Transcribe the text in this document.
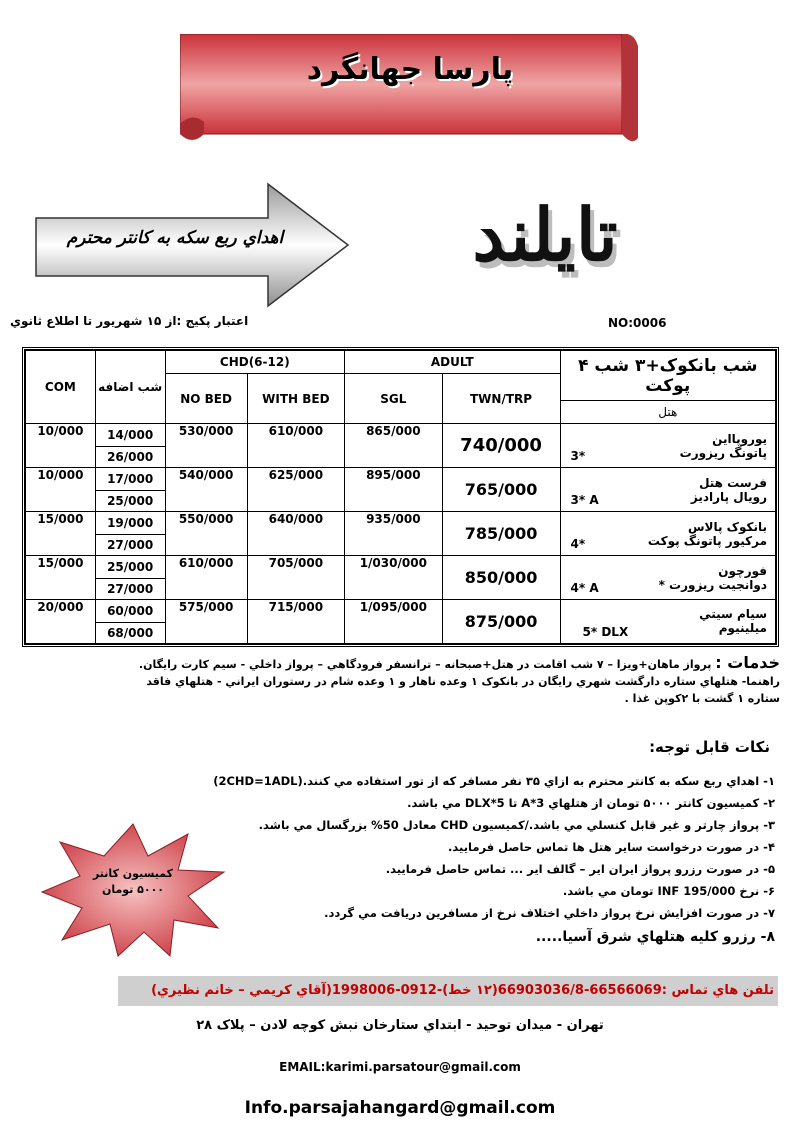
پارسا جهانگرد
اهداي ربع سکه به کانتر محترم	تايلند
اعتبار پکيج :از ۱۵ شهريور تا اطلاع ثانوي	NO:0006
COM	شب اضافه	CHD(6-12)		ADULT		۴ شب بانکوک+۳ شب پوکت
		NO BED	WITH BED	SGL	TWN/TRP	
						هتل
10/000	14/000	530/000	610/000	865/000	740/000	يوروپااين
پاتونگ ريزورت
3*

	26/000					
10/000	17/000	540/000	625/000	895/000	765/000	فرست هتل
رويال پاراديز
3* A

	25/000					
15/000	19/000	550/000	640/000	935/000	785/000	بانکوک پالاس
مرکيور پاتونگ پوکت
4*

	27/000					
15/000	25/000	610/000	705/000	1/030/000	850/000	فورچون
دوانجيت ريزورت *
4* A

	27/000					
20/000	60/000	575/000	715/000	1/095/000	875/000	سيام سيتي
ميلينيوم
5* DLX

	68/000					
خدمات : پرواز ماهان+ويزا – ۷ شب اقامت در هتل+صبحانه – ترانسفر فرودگاهي – پرواز داخلي - سيم کارت رايگان.
راهنما- هتلهاي ستاره دارگشت شهري رايگان در بانکوک ۱ وعده ناهار و ۱ وعده شام در رستوران ايراني - هتلهاي فاقد
ستاره ۱ گشت با ۲کوپن غذا .
نکات قابل توجه:
۱- اهداي ربع سکه به کانتر محترم به ازاي ۳۵ نفر مسافر که از تور استفاده مي کنند.(2CHD=1ADL)
۲- کميسيون کانتر ۵۰۰۰ تومان از هتلهاي 3*A تا 5*DLX مي باشد.
۳- پرواز چارتر و غير قابل کنسلي مي باشد./کميسيون CHD معادل 50% بزرگسال مي باشد.
۴- در صورت درخواست ساير هتل ها تماس حاصل فرماييد.
۵- در صورت رزرو پرواز ايران اير – گالف اير ... تماس حاصل فرماييد.
۶- نرخ INF 195/000 تومان مي باشد.
۷- در صورت افزايش نرخ پرواز داخلي اختلاف نرخ از مسافرين دريافت مي گردد.
۸- رزرو کليه هتلهاي شرق آسيا.....
کميسيون کانتر
۵۰۰۰ تومان
تلفن هاي تماس :66566069-66903036/8(۱۲ خط)-0912-1998006(آقاي کريمي – خانم نظيري)
تهران - ميدان توحيد - ابتداي ستارخان نبش کوچه لادن – پلاک ۲۸
EMAIL:karimi.parsatour@gmail.com
Info.parsajahangard@gmail.com
